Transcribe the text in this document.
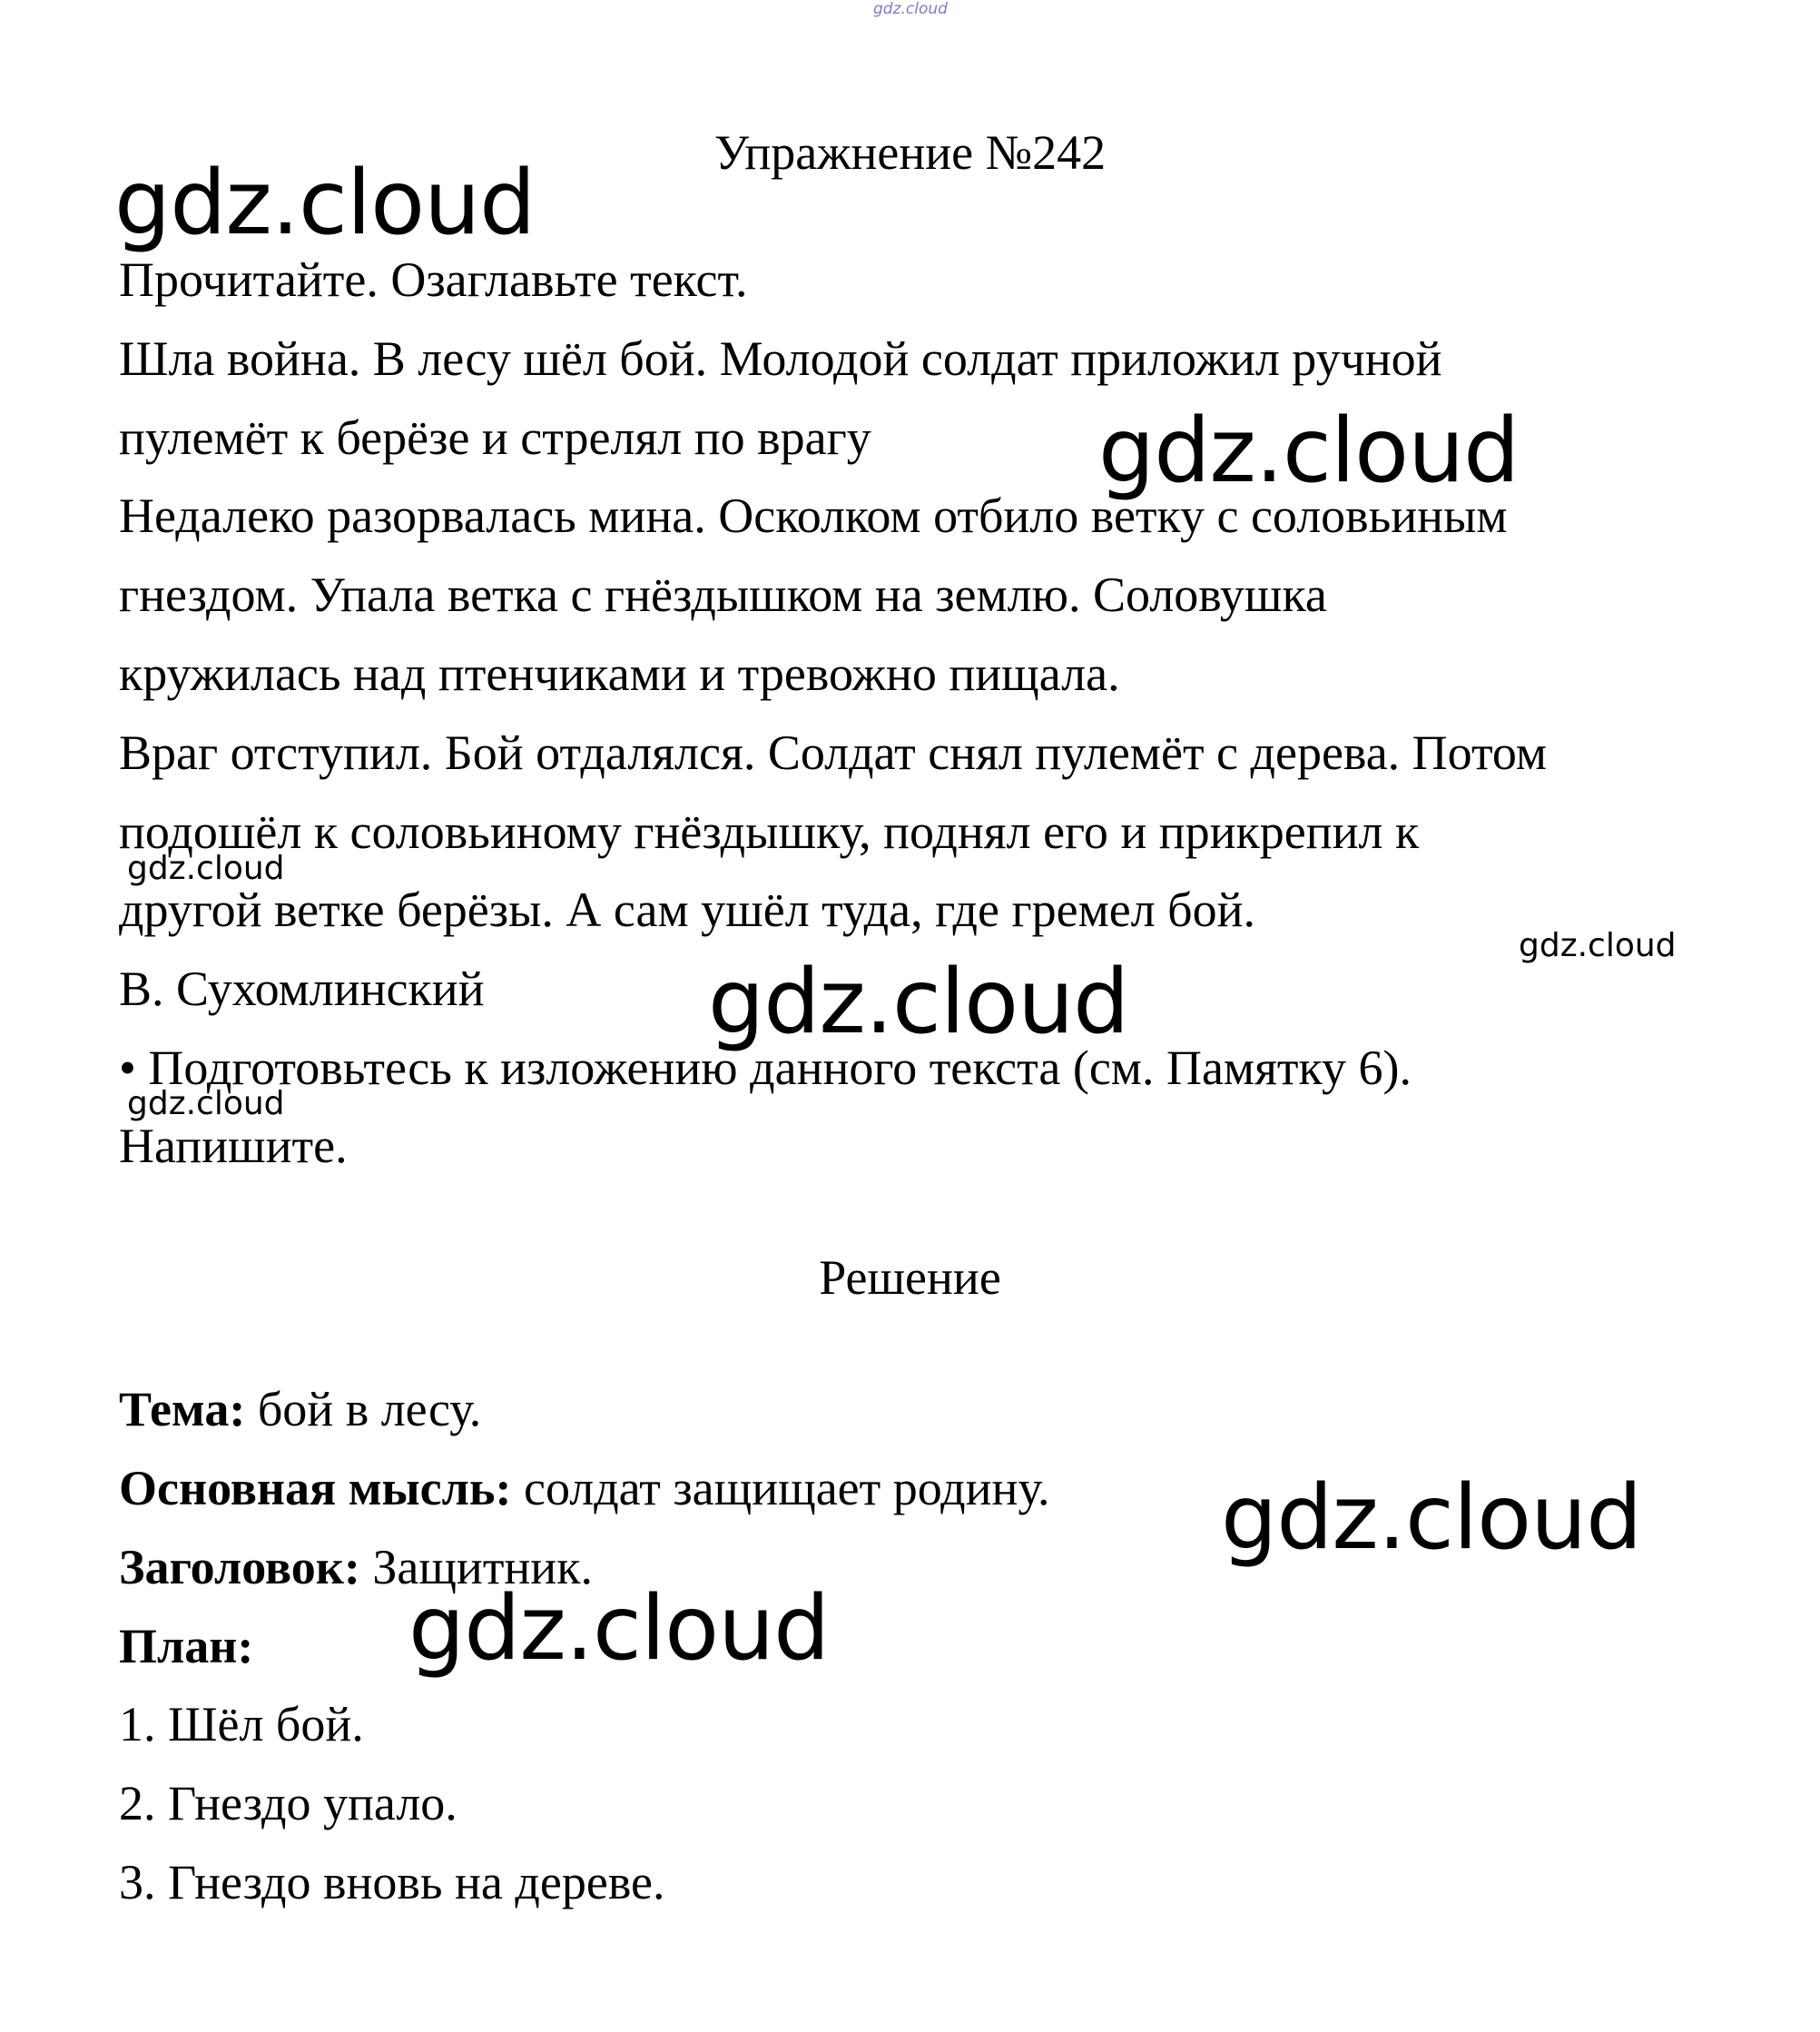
gdz.cloud
Упражнение №242
Прочитайте. Озаглавьте текст.
Шла война. В лесу шёл бой. Молодой солдат приложил ручной
пулемёт к берёзе и стрелял по врагу
Недалеко разорвалась мина. Осколком отбило ветку с соловьиным
гнездом. Упала ветка с гнёздышком на землю. Соловушка
кружилась над птенчиками и тревожно пищала.
Враг отступил. Бой отдалялся. Солдат снял пулемёт с дерева. Потом
подошёл к соловьиному гнёздышку, поднял его и прикрепил к
другой ветке берёзы. А сам ушёл туда, где гремел бой.
В. Сухомлинский
• Подготовьтесь к изложению данного текста (см. Памятку 6).
Напишите.
Решение
Тема: бой в лесу.
Основная мысль: солдат защищает родину.
Заголовок: Защитник.
План:
1. Шёл бой.
2. Гнездо упало.
3. Гнездо вновь на дереве.
gdz.cloud
gdz.cloud
gdz.cloud
gdz.cloud
gdz.cloud
gdz.cloud
gdz.cloud
gdz.cloud
